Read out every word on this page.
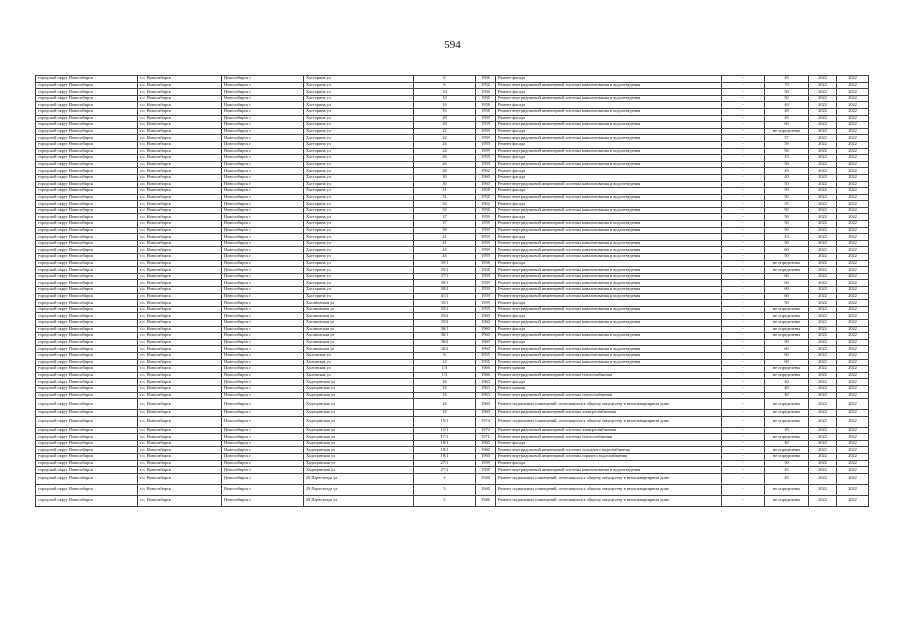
594
городской округ Новосибирск	г.о. Новосибирск	Новосибирск г	Хасторина ул	6	1956	Ремонт фасада	-	45	2022	2022
городской округ Новосибирск	г.о. Новосибирск	Новосибирск г	Хасторина ул	6	1956	Ремонт внутридомовой инженерной системы канализования и водоотведения	-	70	2022	2022
городской округ Новосибирск	г.о. Новосибирск	Новосибирск г	Хасторина ул	10	1956	Ремонт фасада	-	50	2022	2022
городской округ Новосибирск	г.о. Новосибирск	Новосибирск г	Хасторина ул	10	1956	Ремонт внутридомовой инженерной системы канализования и водоотведения	-	50	2022	2022
городской округ Новосибирск	г.о. Новосибирск	Новосибирск г	Хасторина ул	16	1958	Ремонт фасада	-	40	2022	2022
городской округ Новосибирск	г.о. Новосибирск	Новосибирск г	Хасторина ул	16	1958	Ремонт внутридомовой инженерной системы канализования и водоотведения	-	48	2022	2022
городской округ Новосибирск	г.о. Новосибирск	Новосибирск г	Хасторина ул	20	1959	Ремонт фасада	-	45	2022	2022
городской округ Новосибирск	г.о. Новосибирск	Новосибирск г	Хасторина ул	20	1959	Ремонт внутридомовой инженерной системы канализования и водоотведения	-	60	2022	2022
городской округ Новосибирск	г.о. Новосибирск	Новосибирск г	Хасторина ул	22	1959	Ремонт фасада	-	не определены	2022	2022
городской округ Новосибирск	г.о. Новосибирск	Новосибирск г	Хасторина ул	22	1959	Ремонт внутридомовой инженерной системы канализования и водоотведения	-	57	2022	2022
городской округ Новосибирск	г.о. Новосибирск	Новосибирск г	Хасторина ул	24	1959	Ремонт фасада	-	59	2022	2022
городской округ Новосибирск	г.о. Новосибирск	Новосибирск г	Хасторина ул	24	1959	Ремонт внутридомовой инженерной системы канализования и водоотведения	-	56	2022	2022
городской округ Новосибирск	г.о. Новосибирск	Новосибирск г	Хасторина ул	26	1959	Ремонт фасада	-	45	2022	2022
городской округ Новосибирск	г.о. Новосибирск	Новосибирск г	Хасторина ул	26	1959	Ремонт внутридомовой инженерной системы канализования и водоотведения	-	50	2022	2022
городской округ Новосибирск	г.о. Новосибирск	Новосибирск г	Хасторина ул	28	1962	Ремонт фасада	-	45	2022	2022
городской округ Новосибирск	г.о. Новосибирск	Новосибирск г	Хасторина ул	30	1960	Ремонт фасада	-	40	2022	2022
городской округ Новосибирск	г.о. Новосибирск	Новосибирск г	Хасторина ул	30	1960	Ремонт внутридомовой инженерной системы канализования и водоотведения	-	50	2022	2022
городской округ Новосибирск	г.о. Новосибирск	Новосибирск г	Хасторина ул	31	1958	Ремонт фасада	-	50	2022	2022
городской округ Новосибирск	г.о. Новосибирск	Новосибирск г	Хасторина ул	31	1958	Ремонт внутридомовой инженерной системы канализования и водоотведения	-	50	2022	2022
городской округ Новосибирск	г.о. Новосибирск	Новосибирск г	Хасторина ул	32	1962	Ремонт фасада	-	35	2022	2022
городской округ Новосибирск	г.о. Новосибирск	Новосибирск г	Хасторина ул	33	1958	Ремонт внутридомовой инженерной системы канализования и водоотведения	-	50	2022	2022
городской округ Новосибирск	г.о. Новосибирск	Новосибирск г	Хасторина ул	37	1959	Ремонт фасада	-	50	2022	2022
городской округ Новосибирск	г.о. Новосибирск	Новосибирск г	Хасторина ул	37	1959	Ремонт внутридомовой инженерной системы канализования и водоотведения	-	50	2022	2022
городской округ Новосибирск	г.о. Новосибирск	Новосибирск г	Хасторина ул	39	1959	Ремонт внутридомовой инженерной системы канализования и водоотведения	-	50	2022	2022
городской округ Новосибирск	г.о. Новосибирск	Новосибирск г	Хасторина ул	41	1959	Ремонт фасада	-	45	2022	2022
городской округ Новосибирск	г.о. Новосибирск	Новосибирск г	Хасторина ул	41	1959	Ремонт внутридомовой инженерной системы канализования и водоотведения	-	50	2022	2022
городской округ Новосибирск	г.о. Новосибирск	Новосибирск г	Хасторина ул	43	1959	Ремонт внутридомовой инженерной системы канализования и водоотведения	-	60	2022	2022
городской округ Новосибирск	г.о. Новосибирск	Новосибирск г	Хасторина ул	45	1959	Ремонт внутридомовой инженерной системы канализования и водоотведения	-	50	2022	2022
городской округ Новосибирск	г.о. Новосибирск	Новосибирск г	Хасторина ул	35/1	1958	Ремонт фасада	-	не определены	2022	2022
городской округ Новосибирск	г.о. Новосибирск	Новосибирск г	Хасторина ул	35/1	1958	Ремонт внутридомовой инженерной системы канализования и водоотведения	-	не определены	2022	2022
городской округ Новосибирск	г.о. Новосибирск	Новосибирск г	Хасторина ул	37/1	1959	Ремонт внутридомовой инженерной системы канализования и водоотведения	-	60	2022	2022
городской округ Новосибирск	г.о. Новосибирск	Новосибирск г	Хасторина ул	39/1	1959	Ремонт внутридомовой инженерной системы канализования и водоотведения	-	60	2022	2022
городской округ Новосибирск	г.о. Новосибирск	Новосибирск г	Хасторина ул	39/2	1959	Ремонт внутридомовой инженерной системы канализования и водоотведения	-	60	2022	2022
городской округ Новосибирск	г.о. Новосибирск	Новосибирск г	Хасторина ул	41/1	1959	Ремонт внутридомовой инженерной системы канализования и водоотведения	-	60	2022	2022
городской округ Новосибирск	г.о. Новосибирск	Новосибирск г	Хасановская ул	35/1	1959	Ремонт фасада	-	50	2022	2022
городской округ Новосибирск	г.о. Новосибирск	Новосибирск г	Хасановская ул	35/1	1959	Ремонт внутридомовой инженерной системы канализования и водоотведения	-	не определены	2022	2022
городской округ Новосибирск	г.о. Новосибирск	Новосибирск г	Хасановская ул	35/2	1960	Ремонт фасада	-	не определены	2022	2022
городской округ Новосибирск	г.о. Новосибирск	Новосибирск г	Хасановская ул	35/2	1960	Ремонт внутридомовой инженерной системы канализования и водоотведения	-	не определены	2022	2022
городской округ Новосибирск	г.о. Новосибирск	Новосибирск г	Хасановская ул	36/1	1960	Ремонт фасада	-	не определены	2022	2022
городской округ Новосибирск	г.о. Новосибирск	Новосибирск г	Хасановская ул	36/1	1960	Ремонт внутридомовой инженерной системы канализования и водоотведения	-	не определены	2022	2022
городской округ Новосибирск	г.о. Новосибирск	Новосибирск г	Хасановская ул	36/2	1960	Ремонт фасада	-	50	2022	2022
городской округ Новосибирск	г.о. Новосибирск	Новосибирск г	Хасановская ул	36/2	1960	Ремонт внутридомовой инженерной системы канализования и водоотведения	-	60	2022	2022
городской округ Новосибирск	г.о. Новосибирск	Новосибирск г	Хиловская ул	6	1955	Ремонт внутридомовой инженерной системы канализования и водоотведения	-	60	2022	2022
городской округ Новосибирск	г.о. Новосибирск	Новосибирск г	Хиловская ул	12	1955	Ремонт внутридомовой инженерной системы канализования и водоотведения	-	60	2022	2022
городской округ Новосибирск	г.о. Новосибирск	Новосибирск г	Хиловская ул	1/3	1966	Ремонт крыши	-	не определены	2022	2022
городской округ Новосибирск	г.о. Новосибирск	Новосибирск г	Хиловская ул	1/3	1966	Ремонт внутридомовой инженерной системы теплоснабжения	-	не определены	2022	2022
городской округ Новосибирск	г.о. Новосибирск	Новосибирск г	Ходоцинская ул	16	1963	Ремонт фасада	-	40	2022	2022
городской округ Новосибирск	г.о. Новосибирск	Новосибирск г	Ходоцинская ул	16	1963	Ремонт крыши	-	40	2022	2022
городской округ Новосибирск	г.о. Новосибирск	Новосибирск г	Ходоцинская ул	16	1963	Ремонт внутридомовой инженерной системы теплоснабжения	-	40	2022	2022
городской округ Новосибирск	г.о. Новосибирск	Новосибирск г	Ходоцинская ул	18	1960	Ремонт подвальных помещений, относящихся к общему имуществу в многоквартирном доме	-	не определены	2022	2022
городской округ Новосибирск	г.о. Новосибирск	Новосибирск г	Ходоцинская ул	18	1960	Ремонт внутридомовой инженерной системы электроснабжения	-	не определены	2022	2022
городской округ Новосибирск	г.о. Новосибирск	Новосибирск г	Ходоцинская ул	15/1	1974	Ремонт подвальных помещений, относящихся к общему имуществу в многоквартирном доме	-	не определены	2022	2022
городской округ Новосибирск	г.о. Новосибирск	Новосибирск г	Ходоцинская ул	15/1	1974	Ремонт внутридомовой инженерной системы электроснабжения	-	20	2022	2022
городской округ Новосибирск	г.о. Новосибирск	Новосибирск г	Ходоцинская ул	17/1	1971	Ремонт внутридомовой инженерной системы теплоснабжения	-	не определены	2022	2022
городской округ Новосибирск	г.о. Новосибирск	Новосибирск г	Ходоцинская ул	18/1	1960	Ремонт фасада	-	40	2022	2022
городской округ Новосибирск	г.о. Новосибирск	Новосибирск г	Ходоцинская ул	18/1	1960	Ремонт внутридомовой инженерной системы холодного водоснабжения	-	не определены	2022	2022
городской округ Новосибирск	г.о. Новосибирск	Новосибирск г	Ходоцинская ул	18/1	1960	Ремонт внутридомовой инженерной системы горячего водоснабжения	-	не определены	2022	2022
городской округ Новосибирск	г.о. Новосибирск	Новосибирск г	Ходоцинская ул	27/1	1959	Ремонт фасада	-	50	2022	2022
городской округ Новосибирск	г.о. Новосибирск	Новосибирск г	Ходоцинская ул	27/1	1959	Ремонт внутридомовой инженерной системы канализования и водоотведения	-	45	2022	2022
городской округ Новосибирск	г.о. Новосибирск	Новосибирск г	29 Партсъезда ул	2	1948	Ремонт подвальных помещений, относящихся к общему имуществу в многоквартирном доме	-	45	2022	2022
городской округ Новосибирск	г.о. Новосибирск	Новосибирск г	29 Партсъезда ул	3	1946	Ремонт подвальных помещений, относящихся к общему имуществу в многоквартирном доме	-	не определены	2022	2022
городской округ Новосибирск	г.о. Новосибирск	Новосибирск г	29 Партсъезда ул	5	1946	Ремонт подвальных помещений, относящихся к общему имуществу в многоквартирном доме	-	не определены	2022	2022
